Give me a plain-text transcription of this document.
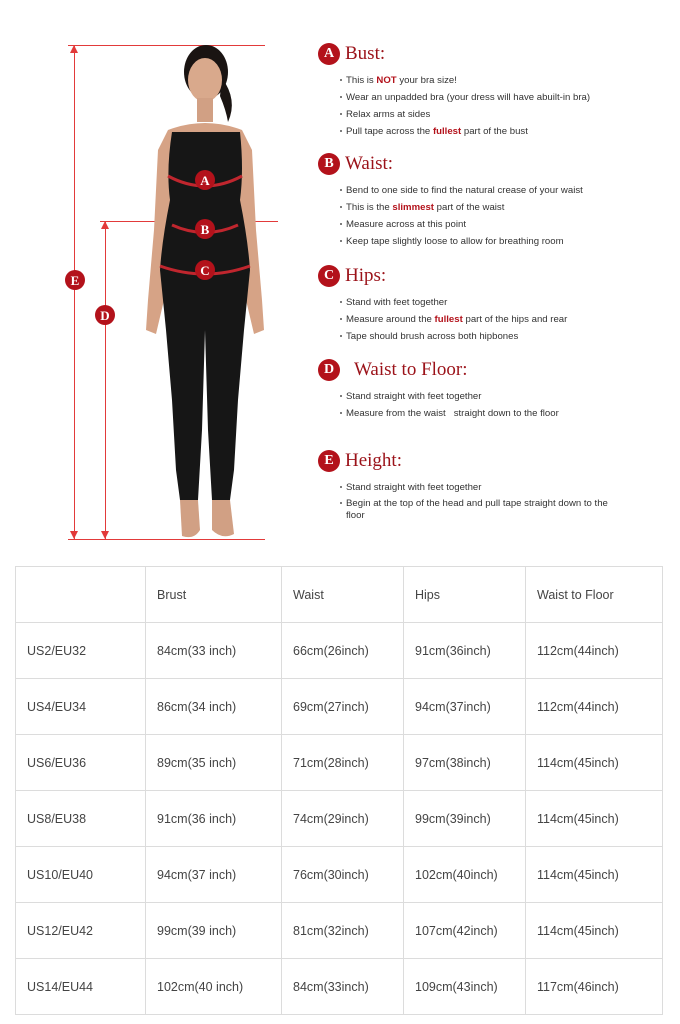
A
B
C
E
D
A Bust:
This is NOT your bra size!
Wear an unpadded bra (your dress will have abuilt-in bra)
Relax arms at sides
Pull tape across the fullest part of the bust
B Waist:
Bend to one side to find the natural crease of your waist
This is the slimmest part of the waist
Measure across at this point
Keep tape slightly loose to allow for breathing room
C Hips:
Stand with feet together
Measure around the fullest part of the hips and rear
Tape should brush across both hipbones
D	Waist to Floor:
Stand straight with feet together
Measure from the waist   straight down to the floor
E Height:
Stand straight with feet together
Begin at the top of the head and pull tape straight down to the floor
	Brust	Waist	Hips	Waist to Floor
US2/EU32	84cm(33 inch)	66cm(26inch)	91cm(36inch)	112cm(44inch)
US4/EU34	86cm(34 inch)	69cm(27inch)	94cm(37inch)	112cm(44inch)
US6/EU36	89cm(35 inch)	71cm(28inch)	97cm(38inch)	114cm(45inch)
US8/EU38	91cm(36 inch)	74cm(29inch)	99cm(39inch)	114cm(45inch)
US10/EU40	94cm(37 inch)	76cm(30inch)	102cm(40inch)	114cm(45inch)
US12/EU42	99cm(39 inch)	81cm(32inch)	107cm(42inch)	114cm(45inch)
US14/EU44	102cm(40 inch)	84cm(33inch)	109cm(43inch)	117cm(46inch)
